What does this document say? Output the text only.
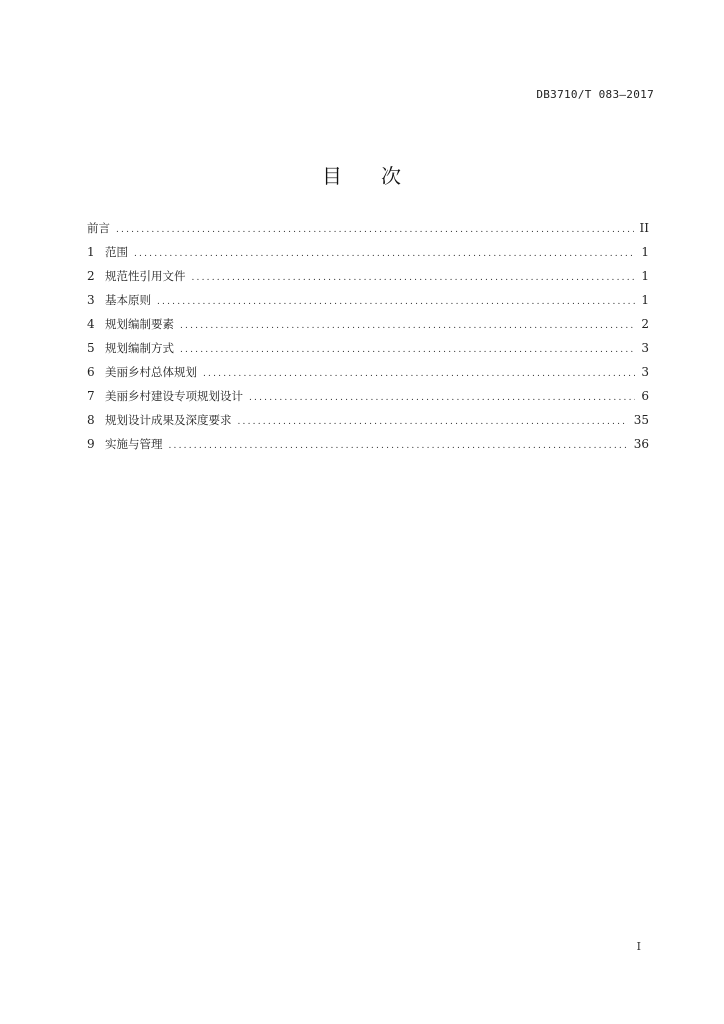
DB3710/T 083—2017
目 次
前言 .....	II
1 范围 .....	1
2 规范性引用文件 .....	1
3 基本原则 .....	1
4 规划编制要素 .....	2
5 规划编制方式 .....	3
6 美丽乡村总体规划 .....	3
7 美丽乡村建设专项规划设计 .....	6
8 规划设计成果及深度要求 .....	35
9 实施与管理 .....	36
I
